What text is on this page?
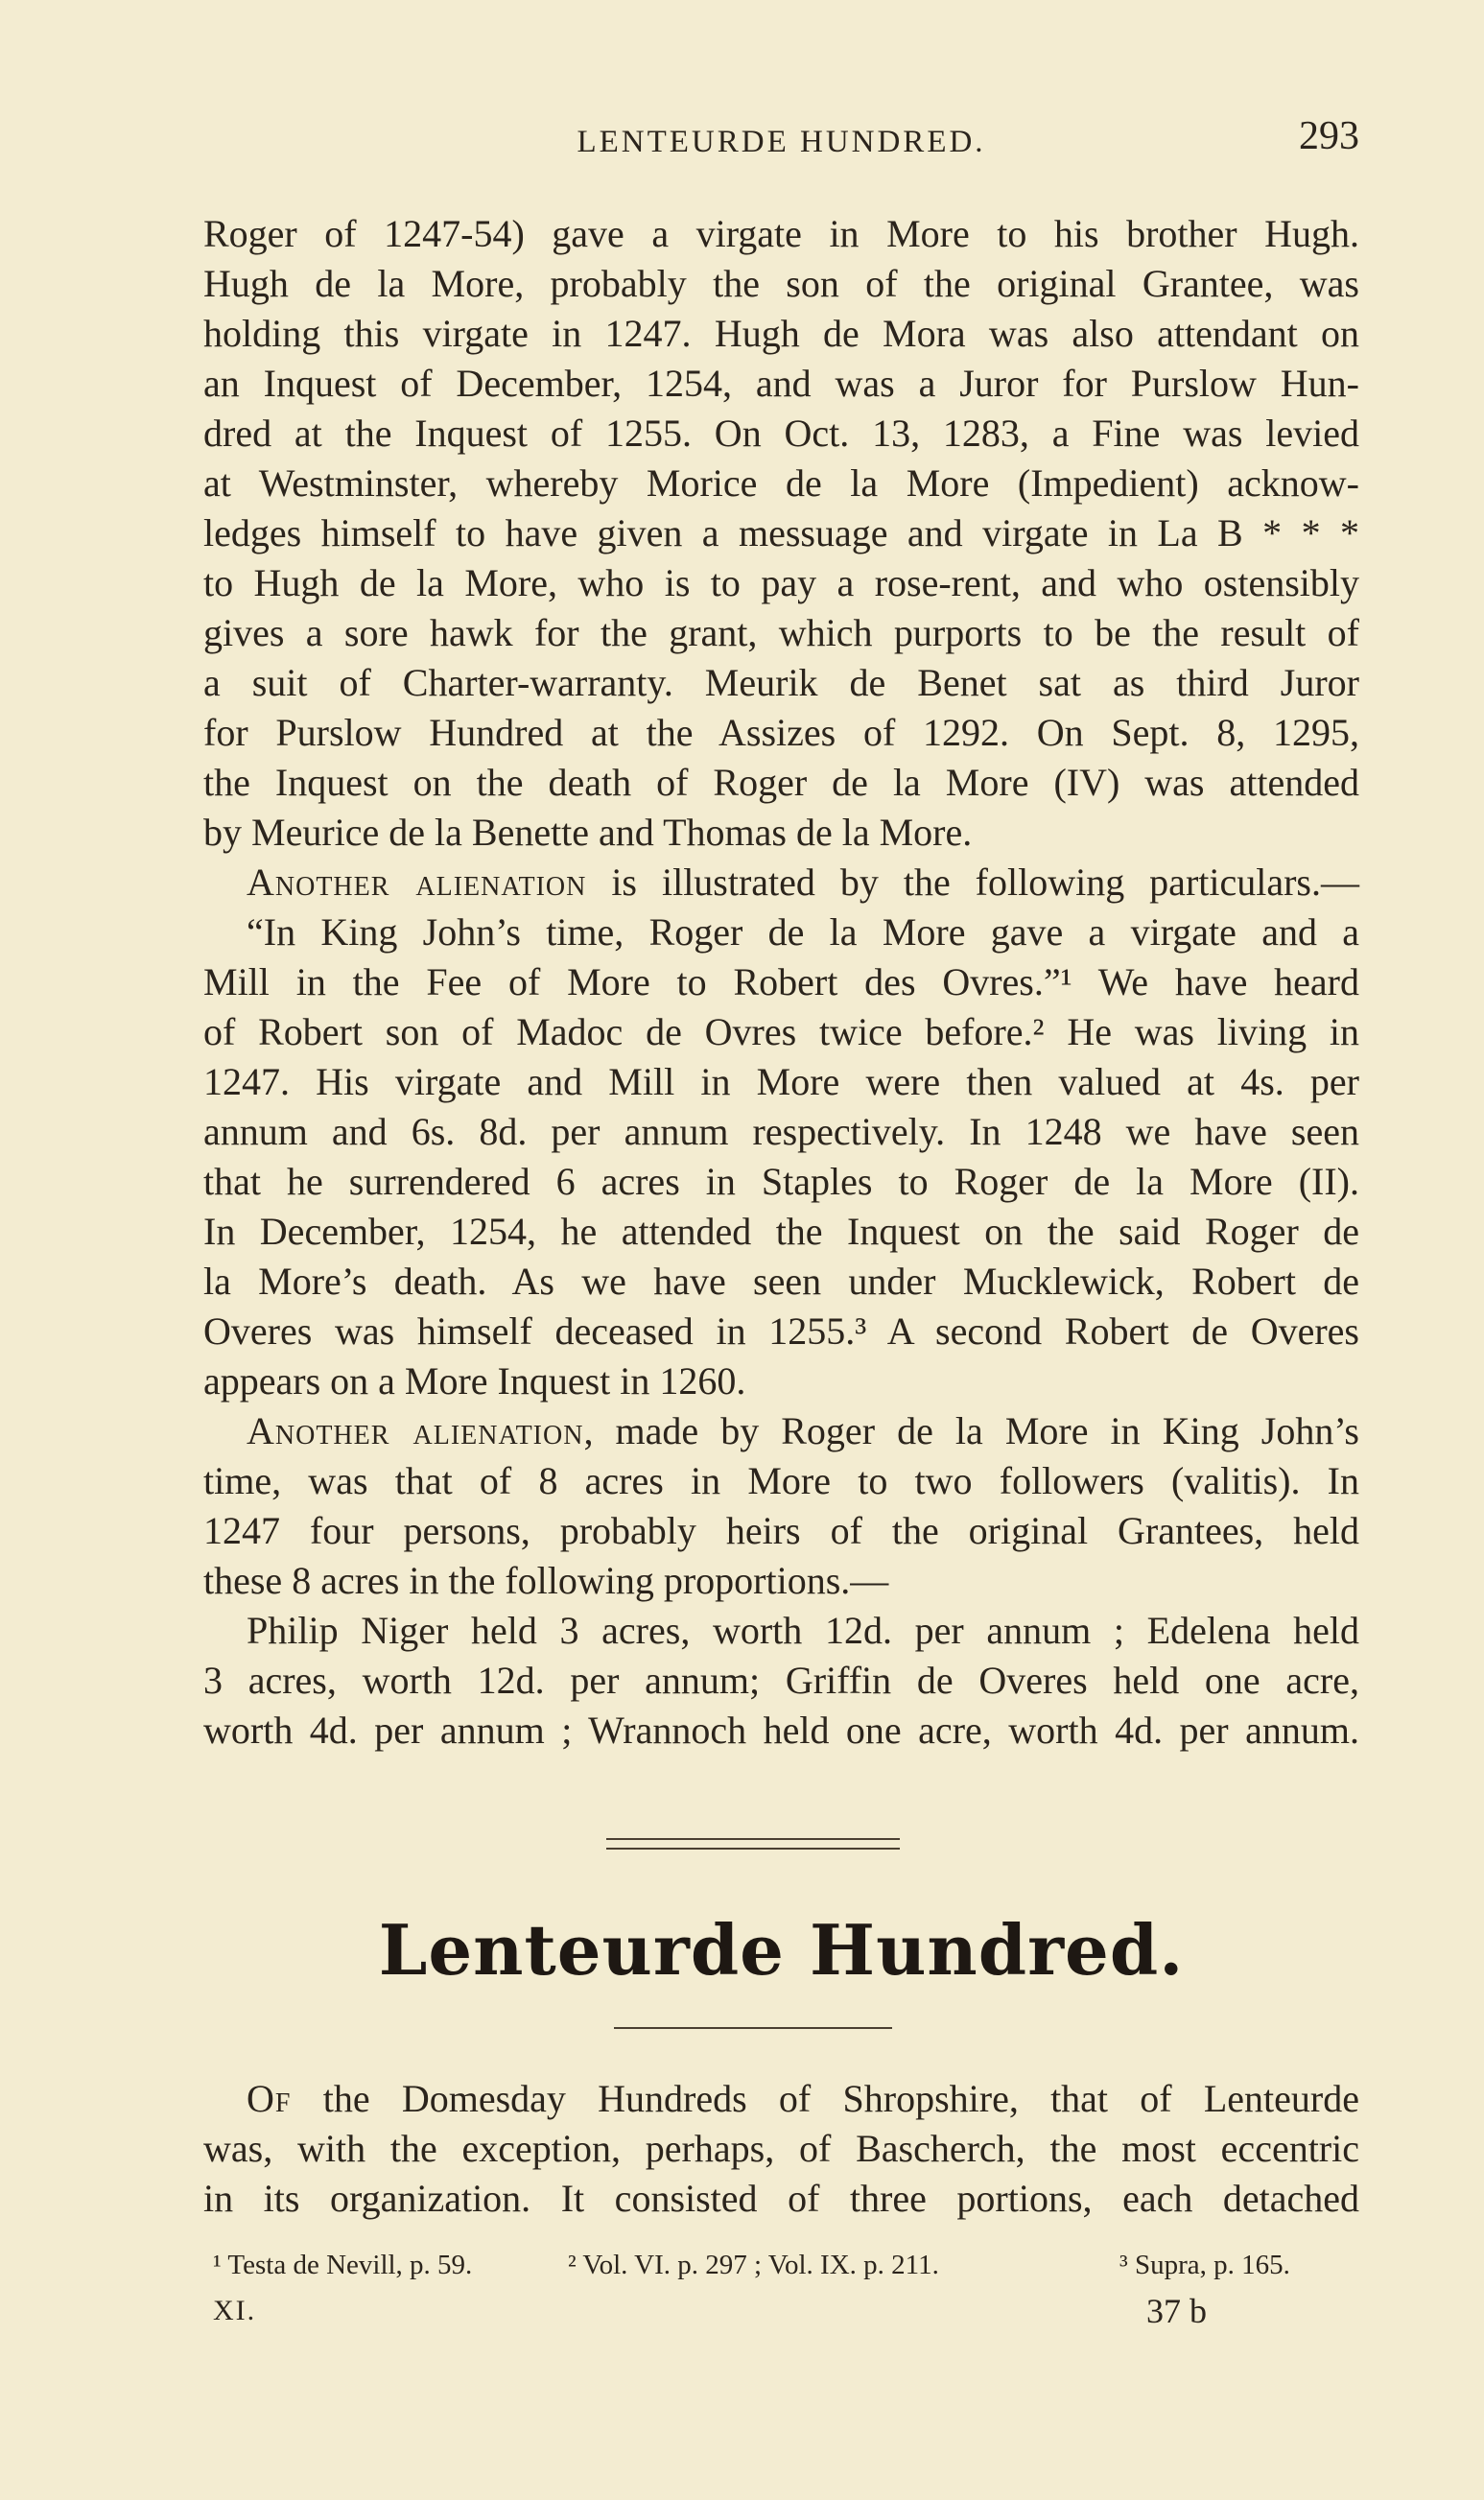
LENTEURDE HUNDRED.	293
Roger of 1247-54) gave a virgate in More to his brother Hugh.
Hugh de la More, probably the son of the original Grantee, was
holding this virgate in 1247. Hugh de Mora was also attendant on
an Inquest of December, 1254, and was a Juror for Purslow Hun-
dred at the Inquest of 1255. On Oct. 13, 1283, a Fine was levied
at Westminster, whereby Morice de la More (Impedient) acknow-
ledges himself to have given a messuage and virgate in La B * * *
to Hugh de la More, who is to pay a rose-rent, and who ostensibly
gives a sore hawk for the grant, which purports to be the result of
a suit of Charter-warranty. Meurik de Benet sat as third Juror
for Purslow Hundred at the Assizes of 1292. On Sept. 8, 1295,
the Inquest on the death of Roger de la More (IV) was attended
by Meurice de la Benette and Thomas de la More.
Another alienation is illustrated by the following particulars.—
“In King John’s time, Roger de la More gave a virgate and a
Mill in the Fee of More to Robert des Ovres.”¹ We have heard
of Robert son of Madoc de Ovres twice before.² He was living in
1247. His virgate and Mill in More were then valued at 4s. per
annum and 6s. 8d. per annum respectively. In 1248 we have seen
that he surrendered 6 acres in Staples to Roger de la More (II).
In December, 1254, he attended the Inquest on the said Roger de
la More’s death. As we have seen under Mucklewick, Robert de
Overes was himself deceased in 1255.³ A second Robert de Overes
appears on a More Inquest in 1260.
Another alienation, made by Roger de la More in King John’s
time, was that of 8 acres in More to two followers (valitis). In
1247 four persons, probably heirs of the original Grantees, held
these 8 acres in the following proportions.—
Philip Niger held 3 acres, worth 12d. per annum ; Edelena held
3 acres, worth 12d. per annum; Griffin de Overes held one acre,
worth 4d. per annum ; Wrannoch held one acre, worth 4d. per annum.
Lenteurde Hundred.
Of the Domesday Hundreds of Shropshire, that of Lenteurde
was, with the exception, perhaps, of Bascherch, the most eccentric
in its organization. It consisted of three portions, each detached
¹ Testa de Nevill, p. 59.	² Vol. VI. p. 297 ; Vol. IX. p. 211.	³ Supra, p. 165.
XI.	37 b
